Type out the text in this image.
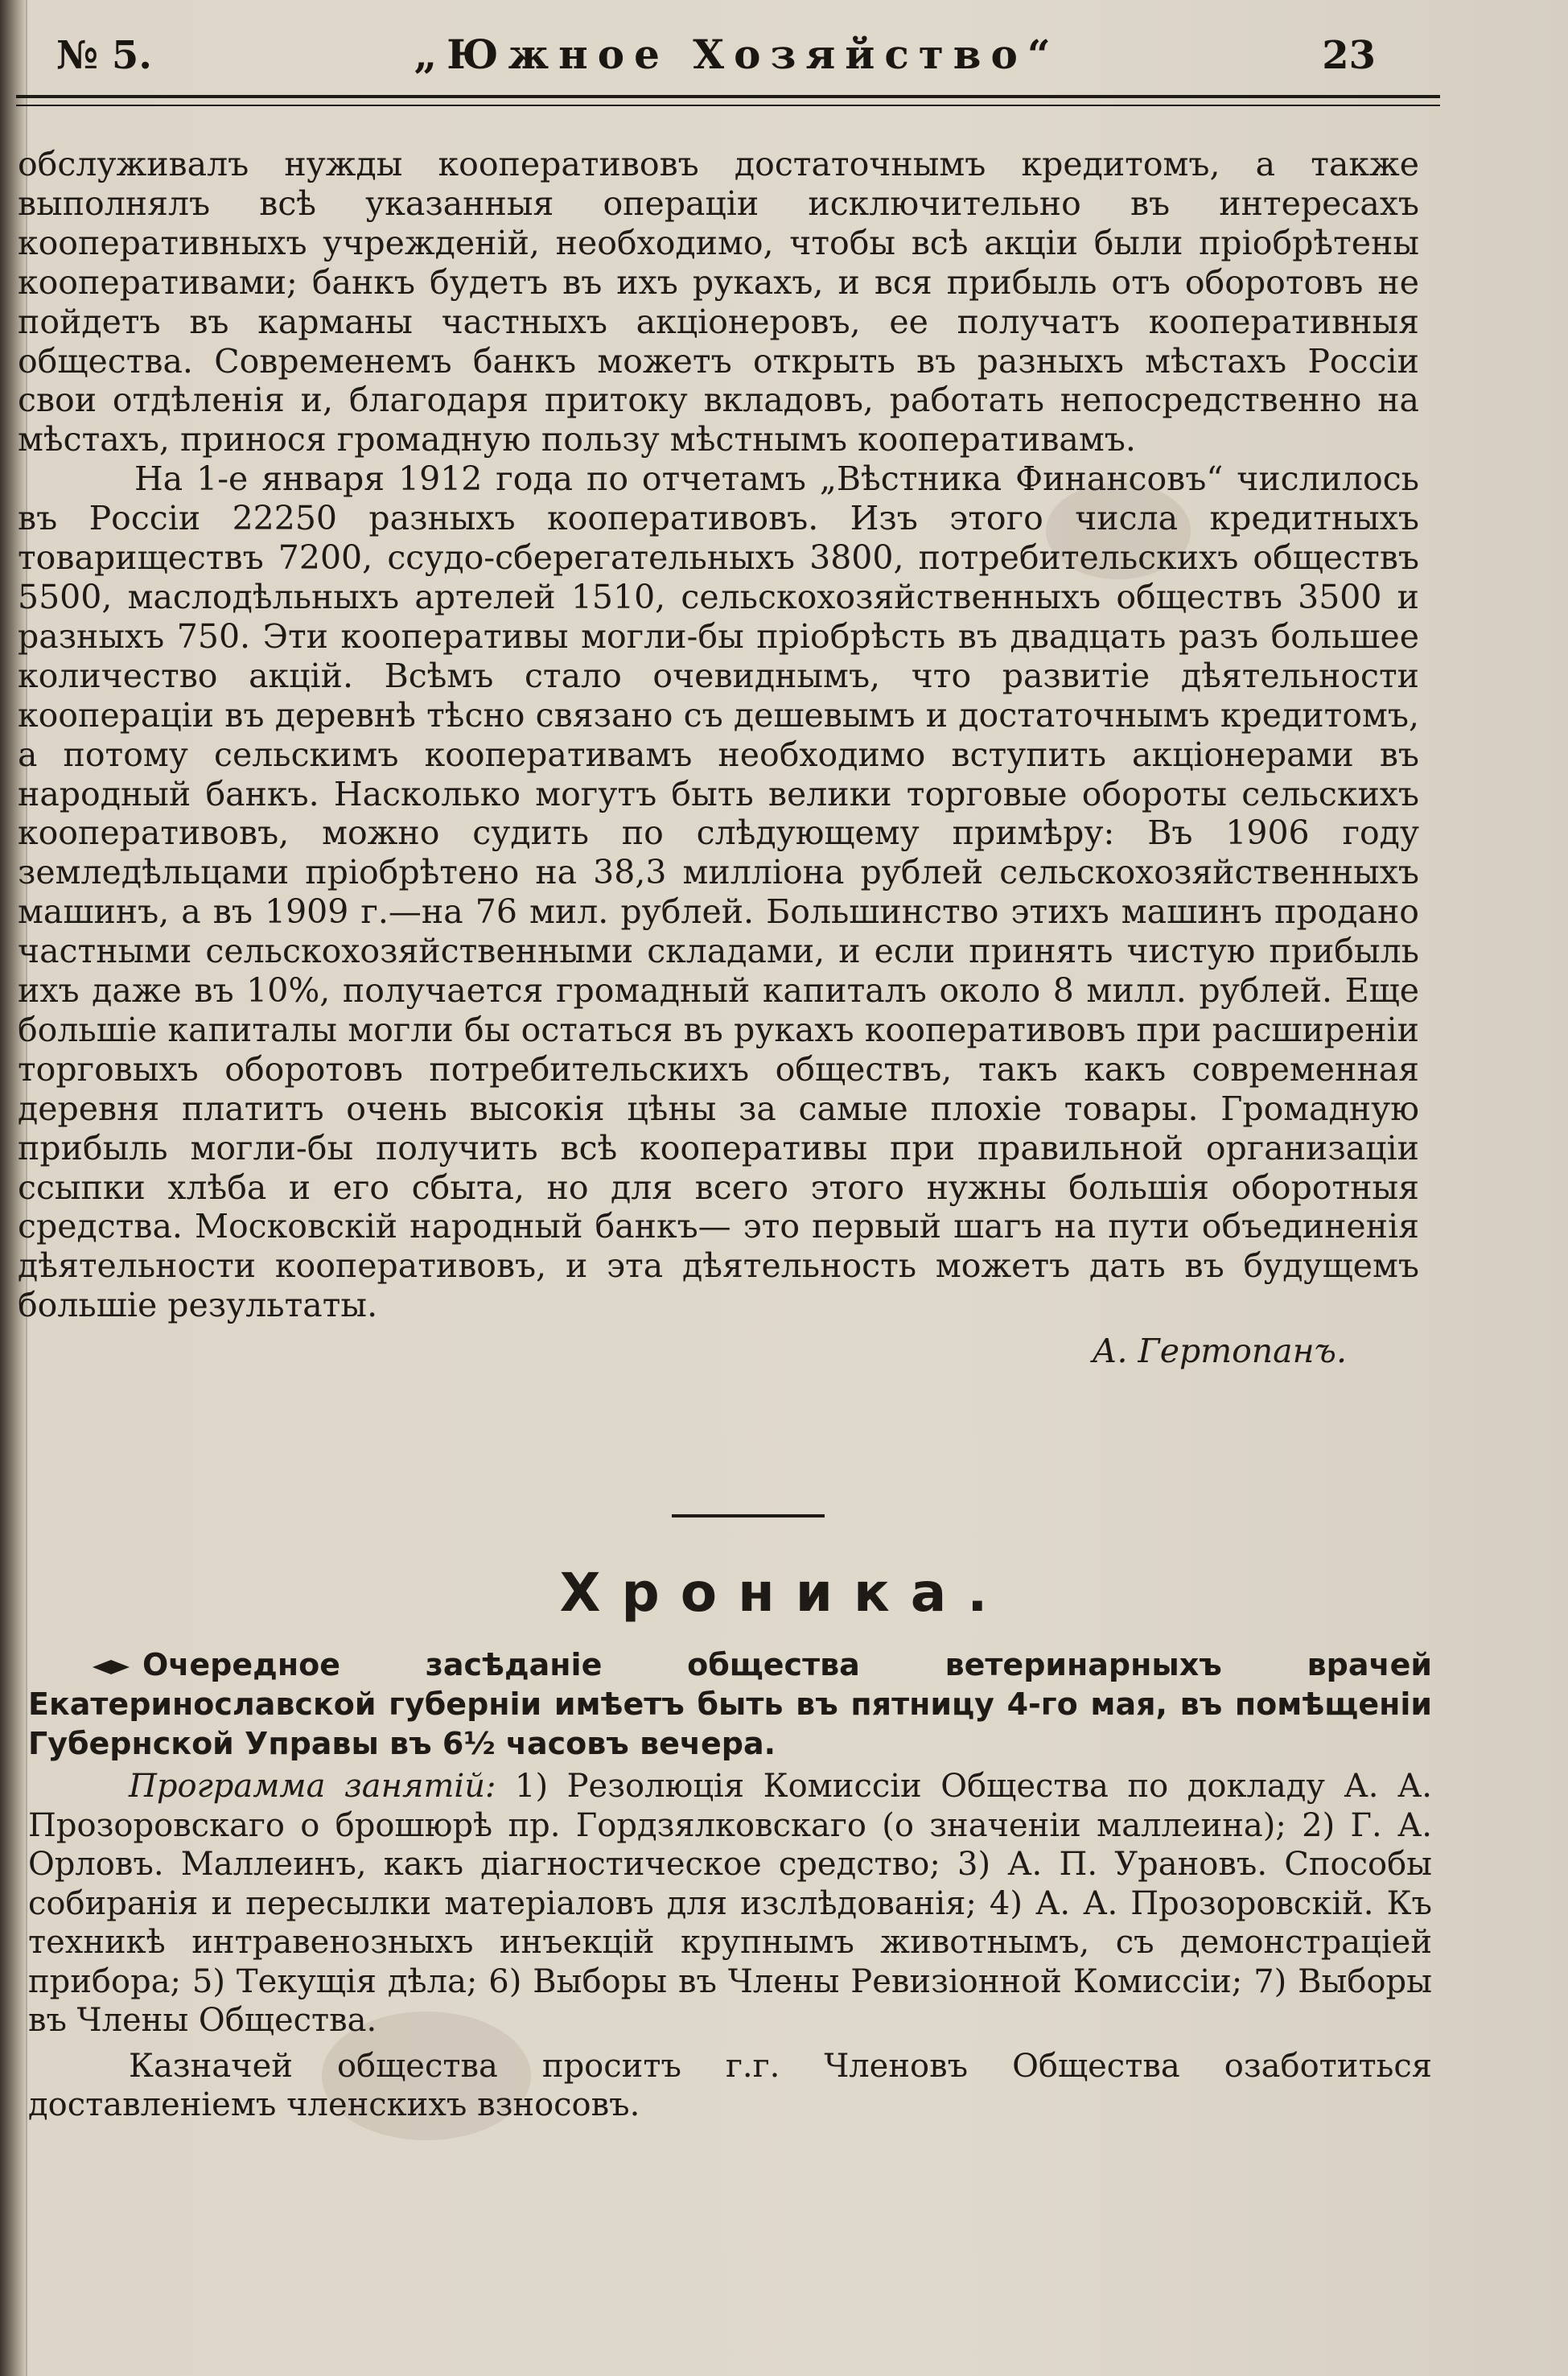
№ 5.	„Южное Хозяйство“	23

обслуживалъ нужды кооперативовъ достаточнымъ кредитомъ, а также выполнялъ всѣ указанныя операціи исключительно въ интересахъ кооперативныхъ учрежденій, необходимо, чтобы всѣ акціи были пріобрѣтены кооперативами; банкъ будетъ въ ихъ рукахъ, и вся прибыль отъ оборотовъ не пойдетъ въ карманы частныхъ акціонеровъ, ее получатъ кооперативныя общества. Современемъ банкъ можетъ открыть въ разныхъ мѣстахъ Россіи свои отдѣленія и, благодаря притоку вкладовъ, работать непосредственно на мѣстахъ, принося громадную пользу мѣстнымъ кооперативамъ.

На 1-е января 1912 года по отчетамъ „Вѣстника Финансовъ“ числилось въ Россіи 22250 разныхъ кооперативовъ. Изъ этого числа кредитныхъ товариществъ 7200, ссудо-сберегательныхъ 3800, потребительскихъ обществъ 5500, маслодѣльныхъ артелей 1510, сельскохозяйственныхъ обществъ 3500 и разныхъ 750. Эти кооперативы могли-бы пріобрѣсть въ двадцать разъ большее количество акцій. Всѣмъ стало очевиднымъ, что развитіе дѣятельности коопераціи въ деревнѣ тѣсно связано съ дешевымъ и достаточнымъ кредитомъ, а потому сельскимъ кооперативамъ необходимо вступить акціонерами въ народный банкъ. Насколько могутъ быть велики торговые обороты сельскихъ кооперативовъ, можно судить по слѣдующему примѣру: Въ 1906 году земледѣльцами пріобрѣтено на 38,3 милліона рублей сельскохозяйственныхъ машинъ, а въ 1909 г.—на 76 мил. рублей. Большинство этихъ машинъ продано частными сельскохозяйственными складами, и если принять чистую прибыль ихъ даже въ 10%, получается громадный капиталъ около 8 милл. рублей. Еще большіе капиталы могли бы остаться въ рукахъ кооперативовъ при расширеніи торговыхъ оборотовъ потребительскихъ обществъ, такъ какъ современная деревня платитъ очень высокія цѣны за самые плохіе товары. Громадную прибыль могли-бы получить всѣ кооперативы при правильной организаціи ссыпки хлѣба и его сбыта, но для всего этого нужны большія оборотныя средства. Московскій народный банкъ— это первый шагъ на пути объединенія дѣятельности кооперативовъ, и эта дѣятельность можетъ дать въ будущемъ большіе результаты.

А. Гертопанъ.

Хроника.

Очередное засѣданіе общества ветеринарныхъ врачей Екатеринославской губерніи имѣетъ быть въ пятницу 4-го мая, въ помѣщеніи Губернской Управы въ 6½ часовъ вечера.

Программа занятій: 1) Резолюція Комиссіи Общества по докладу А. А. Прозоровскаго о брошюрѣ пр. Гордзялковскаго (о значеніи маллеина); 2) Г. А. Орловъ. Маллеинъ, какъ діагностическое средство; 3) А. П. Урановъ. Способы собиранія и пересылки матеріаловъ для изслѣдованія; 4) А. А. Прозоровскій. Къ техникѣ интравенозныхъ инъекцій крупнымъ животнымъ, съ демонстраціей прибора; 5) Текущія дѣла; 6) Выборы въ Члены Ревизіонной Комиссіи; 7) Выборы въ Члены Общества.

Казначей общества проситъ г.г. Членовъ Общества озаботиться доставленіемъ членскихъ взносовъ.
